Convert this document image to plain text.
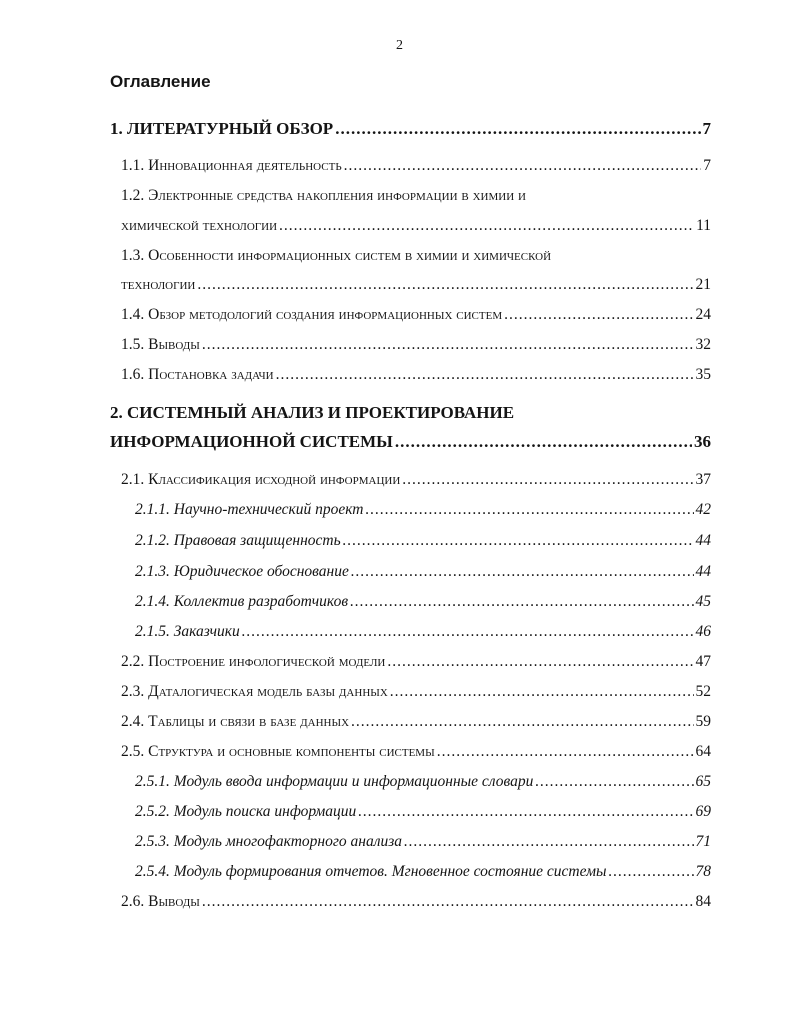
2
Оглавление
1. ЛИТЕРАТУРНЫЙ ОБЗОР .....	7
1.1. Инновационная деятельность .....	7
1.2. Электронные средства накопления информации в химии и
химической технологии .....	11
1.3. Особенности информационных систем в химии и химической
технологии .....	21
1.4. Обзор методологий создания информационных систем .....	24
1.5. Выводы .....	32
1.6. Постановка задачи .....	35
2. СИСТЕМНЫЙ АНАЛИЗ И ПРОЕКТИРОВАНИЕ
ИНФОРМАЦИОННОЙ СИСТЕМЫ .....	36
2.1. Классификация исходной информации .....	37
2.1.1. Научно-технический проект .....	42
2.1.2. Правовая защищенность .....	44
2.1.3. Юридическое обоснование .....	44
2.1.4. Коллектив разработчиков .....	45
2.1.5. Заказчики .....	46
2.2. Построение инфологической модели .....	47
2.3. Даталогическая модель базы данных .....	52
2.4. Таблицы и связи в базе данных .....	59
2.5. Структура и основные компоненты системы .....	64
2.5.1. Модуль ввода информации и информационные словари .....	65
2.5.2. Модуль поиска информации .....	69
2.5.3. Модуль многофакторного анализа .....	71
2.5.4. Модуль формирования отчетов. Мгновенное состояние системы .....	78
2.6. Выводы .....	84
